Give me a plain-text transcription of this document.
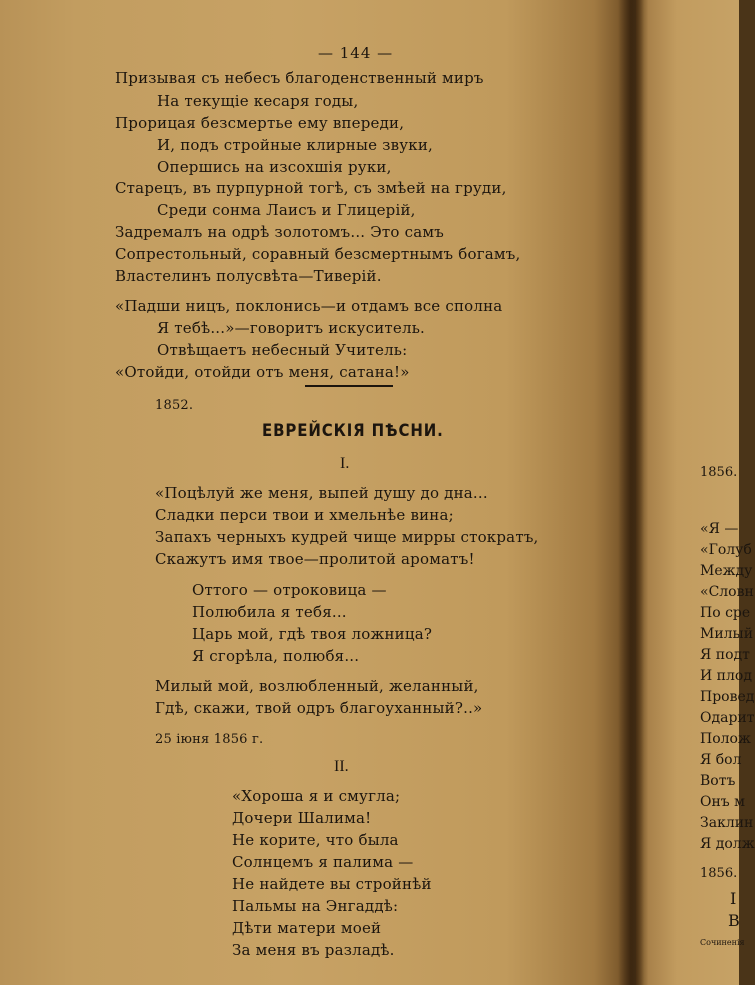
— 144 —
Призывая съ небесъ благоденственный миръ
На текущіе кесаря годы,
Прорицая безсмертье ему впереди,
И, подъ стройные клирные звуки,
Опершись на изсохшія руки,
Старецъ, въ пурпурной тогѣ, съ змѣей на груди,
Среди сонма Лаисъ и Глицерій,
Задремалъ на одрѣ золотомъ... Это самъ
Сопрестольный, соравный безсмертнымъ богамъ,
Властелинъ полусвѣта—Тиверій.
«Падши ницъ, поклонись—и отдамъ все сполна
Я тебѣ...»—говоритъ искуситель.
Отвѣщаетъ небесный Учитель:
«Отойди, отойди отъ меня, сатана!»
1852.
ЕВРЕЙСКІЯ ПѢСНИ.
I.
«Поцѣлуй же меня, выпей душу до дна...
Сладки перси твои и хмельнѣе вина;
Запахъ черныхъ кудрей чище мирры стократъ,
Скажутъ имя твое—пролитой ароматъ!
Оттого — отроковица —
Полюбила я тебя...
Царь мой, гдѣ твоя ложница?
Я сгорѣла, полюбя...
Милый мой, возлюбленный, желанный,
Гдѣ, скажи, твой одръ благоуханный?..»
25 іюня 1856 г.
II.
«Хороша я и смугла;
Дочери Шалима!
Не корите, что была
Солнцемъ я палима —
Не найдете вы стройнѣй
Пальмы на Энгаддѣ:
Дѣти матери моей
За меня въ разладѣ.
1856.
«Я —
«Голуб
Между
«Словн
По сре
Милый
Я подт
И плод
Провед
Одарит
Полож
Я бол
Вотъ
Онъ м
Заклин
Я долж
1856.
I
В
Сочиненія
